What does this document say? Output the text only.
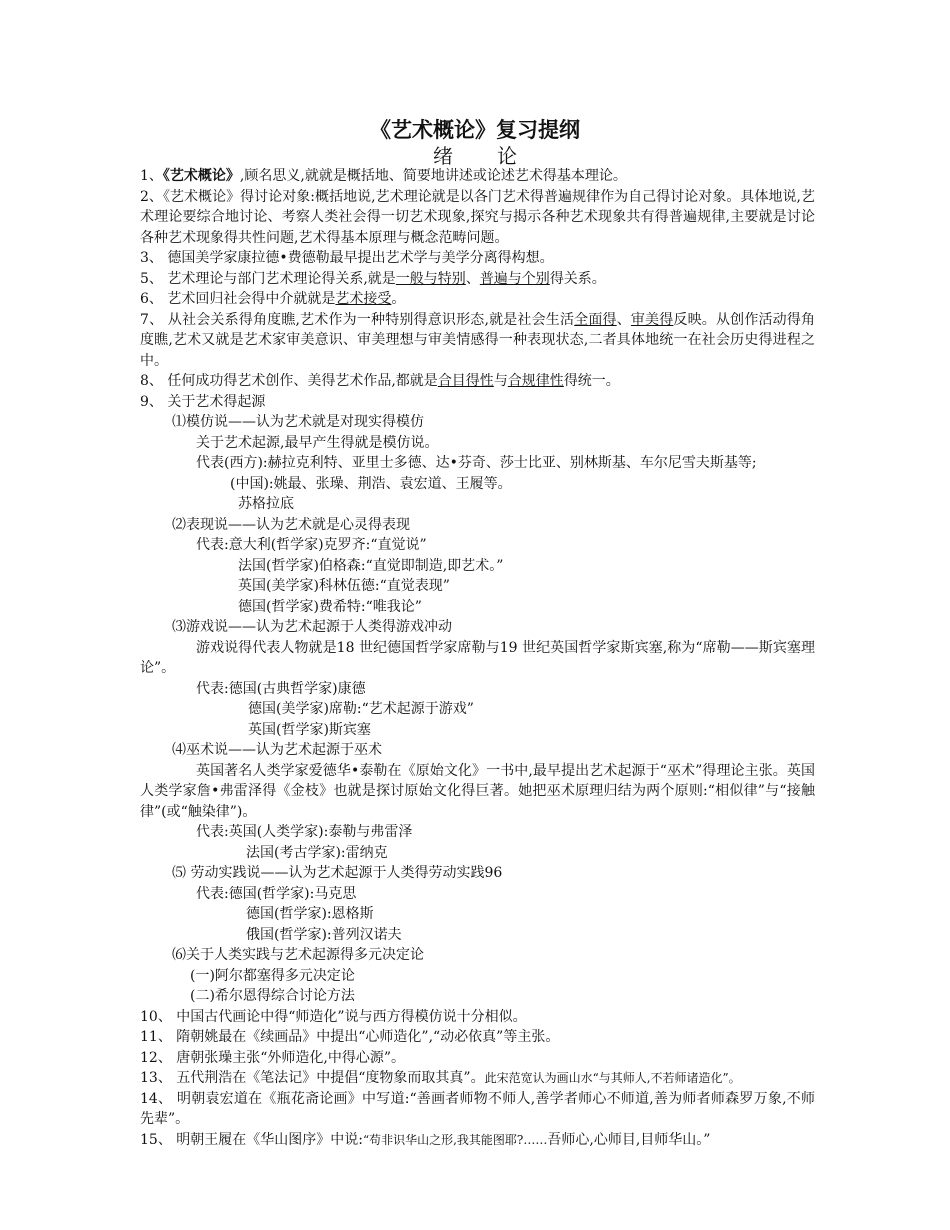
《艺术概论》复习提纲
绪论

1、《艺术概论》,顾名思义,就就是概括地、简要地讲述或论述艺术得基本理论。

2、《艺术概论》得讨论对象:概括地说,艺术理论就是以各门艺术得普遍规律作为自己得讨论对象。具体地说,艺术理论要综合地讨论、考察人类社会得一切艺术现象,探究与揭示各种艺术现象共有得普遍规律,主要就是讨论各种艺术现象得共性问题,艺术得基本原理与概念范畴问题。

3、 德国美学家康拉德•费德勒最早提出艺术学与美学分离得构想。

5、 艺术理论与部门艺术理论得关系,就是一般与特别、普遍与个别得关系。

6、 艺术回归社会得中介就就是艺术接受。

7、 从社会关系得角度瞧,艺术作为一种特别得意识形态,就是社会生活全面得、审美得反映。从创作活动得角度瞧,艺术又就是艺术家审美意识、审美理想与审美情感得一种表现状态,二者具体地统一在社会历史得进程之中。

8、 任何成功得艺术创作、美得艺术作品,都就是合目得性与合规律性得统一。

9、 关于艺术得起源

⑴模仿说——认为艺术就是对现实得模仿

关于艺术起源,最早产生得就是模仿说。

代表(西方):赫拉克利特、亚里士多德、达•芬奇、莎士比亚、别林斯基、车尔尼雪夫斯基等;

(中国):姚最、张璪、荆浩、袁宏道、王履等。

苏格拉底

⑵表现说——认为艺术就是心灵得表现

代表:意大利(哲学家)克罗齐:“直觉说”

法国(哲学家)伯格森:“直觉即制造,即艺术。”

英国(美学家)科林伍德:“直觉表现”

德国(哲学家)费希特:“唯我论”

⑶游戏说——认为艺术起源于人类得游戏冲动

游戏说得代表人物就是18 世纪德国哲学家席勒与19 世纪英国哲学家斯宾塞,称为“席勒——斯宾塞理论”。

代表:德国(古典哲学家)康德

德国(美学家)席勒:“艺术起源于游戏”

英国(哲学家)斯宾塞

⑷巫术说——认为艺术起源于巫术

英国著名人类学家爱德华•泰勒在《原始文化》一书中,最早提出艺术起源于“巫术”得理论主张。英国人类学家詹•弗雷泽得《金枝》也就是探讨原始文化得巨著。她把巫术原理归结为两个原则:“相似律”与“接触律”(或“触染律”)。

代表:英国(人类学家):泰勒与弗雷泽

法国(考古学家):雷纳克

⑸ 劳动实践说——认为艺术起源于人类得劳动实践96

代表:德国(哲学家):马克思

德国(哲学家):恩格斯

俄国(哲学家):普列汉诺夫

⑹关于人类实践与艺术起源得多元决定论

(一)阿尔都塞得多元决定论

(二)希尔恩得综合讨论方法

10、 中国古代画论中得“师造化”说与西方得模仿说十分相似。

11、 隋朝姚最在《续画品》中提出“心师造化”,“动必依真”等主张。

12、 唐朝张璪主张“外师造化,中得心源”。

13、 五代荆浩在《笔法记》中提倡“度物象而取其真”。此宋范宽认为画山水“与其师人,不若师诸造化”。

14、 明朝袁宏道在《瓶花斋论画》中写道:“善画者师物不师人,善学者师心不师道,善为师者师森罗万象,不师先辈”。

15、 明朝王履在《华山图序》中说:“苟非识华山之形,我其能图耶?……吾师心,心师目,目师华山。”
